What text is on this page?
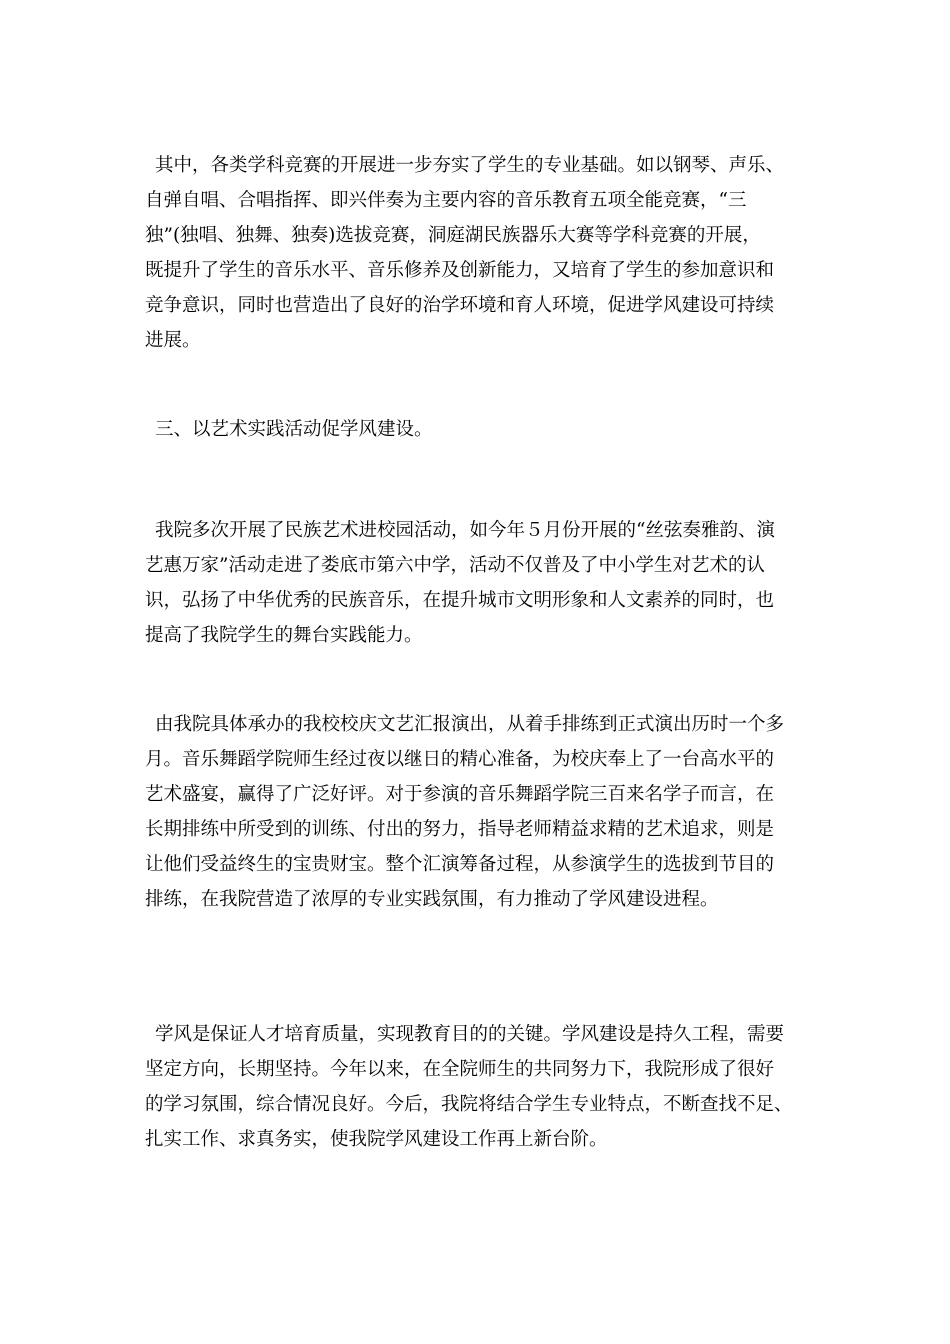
其中，各类学科竞赛的开展进一步夯实了学生的专业基础。如以钢琴、声乐、
自弹自唱、合唱指挥、即兴伴奏为主要内容的音乐教育五项全能竞赛，“三
独”(独唱、独舞、独奏)选拔竞赛，洞庭湖民族器乐大赛等学科竞赛的开展，
既提升了学生的音乐水平、音乐修养及创新能力，又培育了学生的参加意识和
竞争意识，同时也营造出了良好的治学环境和育人环境，促进学风建设可持续
进展。

三、以艺术实践活动促学风建设。

我院多次开展了民族艺术进校园活动，如今年５月份开展的“丝弦奏雅韵、演
艺惠万家”活动走进了娄底市第六中学，活动不仅普及了中小学生对艺术的认
识，弘扬了中华优秀的民族音乐，在提升城市文明形象和人文素养的同时，也
提高了我院学生的舞台实践能力。

由我院具体承办的我校校庆文艺汇报演出，从着手排练到正式演出历时一个多
月。音乐舞蹈学院师生经过夜以继日的精心准备，为校庆奉上了一台高水平的
艺术盛宴，赢得了广泛好评。对于参演的音乐舞蹈学院三百来名学子而言，在
长期排练中所受到的训练、付出的努力，指导老师精益求精的艺术追求，则是
让他们受益终生的宝贵财宝。整个汇演筹备过程，从参演学生的选拔到节目的
排练，在我院营造了浓厚的专业实践氛围，有力推动了学风建设进程。

学风是保证人才培育质量，实现教育目的的关键。学风建设是持久工程，需要
坚定方向，长期坚持。今年以来，在全院师生的共同努力下，我院形成了很好
的学习氛围，综合情况良好。今后，我院将结合学生专业特点，不断查找不足、
扎实工作、求真务实，使我院学风建设工作再上新台阶。
